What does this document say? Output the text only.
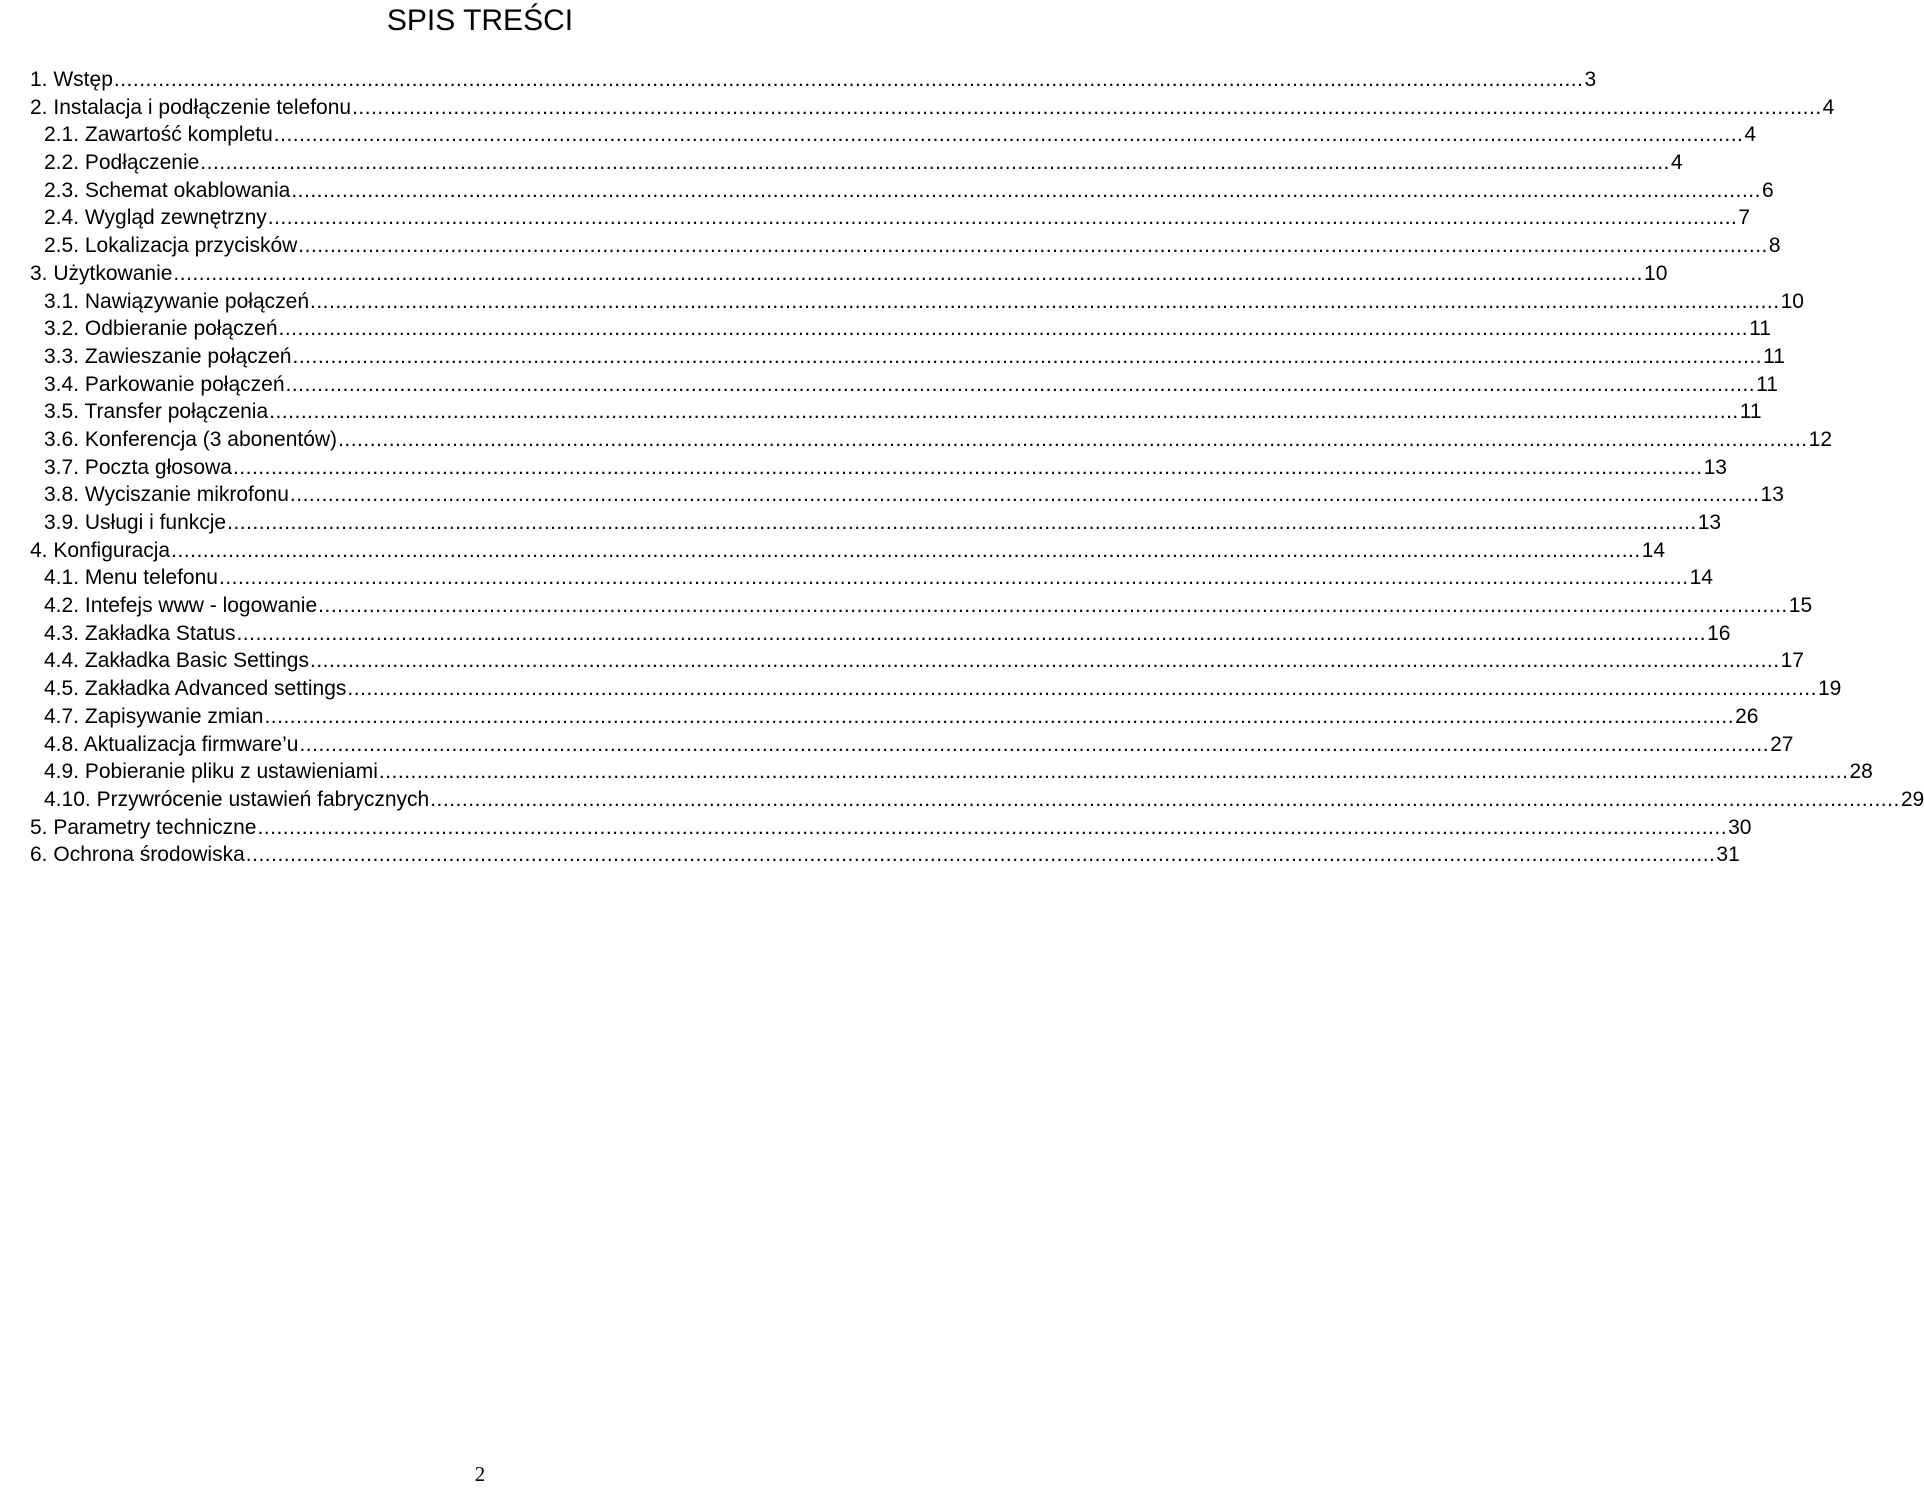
SPIS TREŚCI
1. Wstęp .....	3
2. Instalacja i podłączenie telefonu .....	4
2.1. Zawartość kompletu .....	4
2.2. Podłączenie .....	4
2.3. Schemat okablowania .....	6
2.4. Wygląd zewnętrzny .....	7
2.5. Lokalizacja przycisków .....	8
3. Użytkowanie .....	10
3.1. Nawiązywanie połączeń .....	10
3.2. Odbieranie połączeń .....	11
3.3. Zawieszanie połączeń .....	11
3.4. Parkowanie połączeń .....	11
3.5. Transfer połączenia .....	11
3.6. Konferencja (3 abonentów) .....	12
3.7. Poczta głosowa .....	13
3.8. Wyciszanie mikrofonu .....	13
3.9. Usługi i funkcje .....	13
4. Konfiguracja .....	14
4.1. Menu telefonu .....	14
4.2. Intefejs www - logowanie .....	15
4.3. Zakładka Status .....	16
4.4. Zakładka Basic Settings .....	17
4.5. Zakładka Advanced settings .....	19
4.7. Zapisywanie zmian .....	26
4.8. Aktualizacja firmware’u .....	27
4.9. Pobieranie pliku z ustawieniami .....	28
4.10. Przywrócenie ustawień fabrycznych .....	29
5. Parametry techniczne .....	30
6. Ochrona środowiska .....	31
2
